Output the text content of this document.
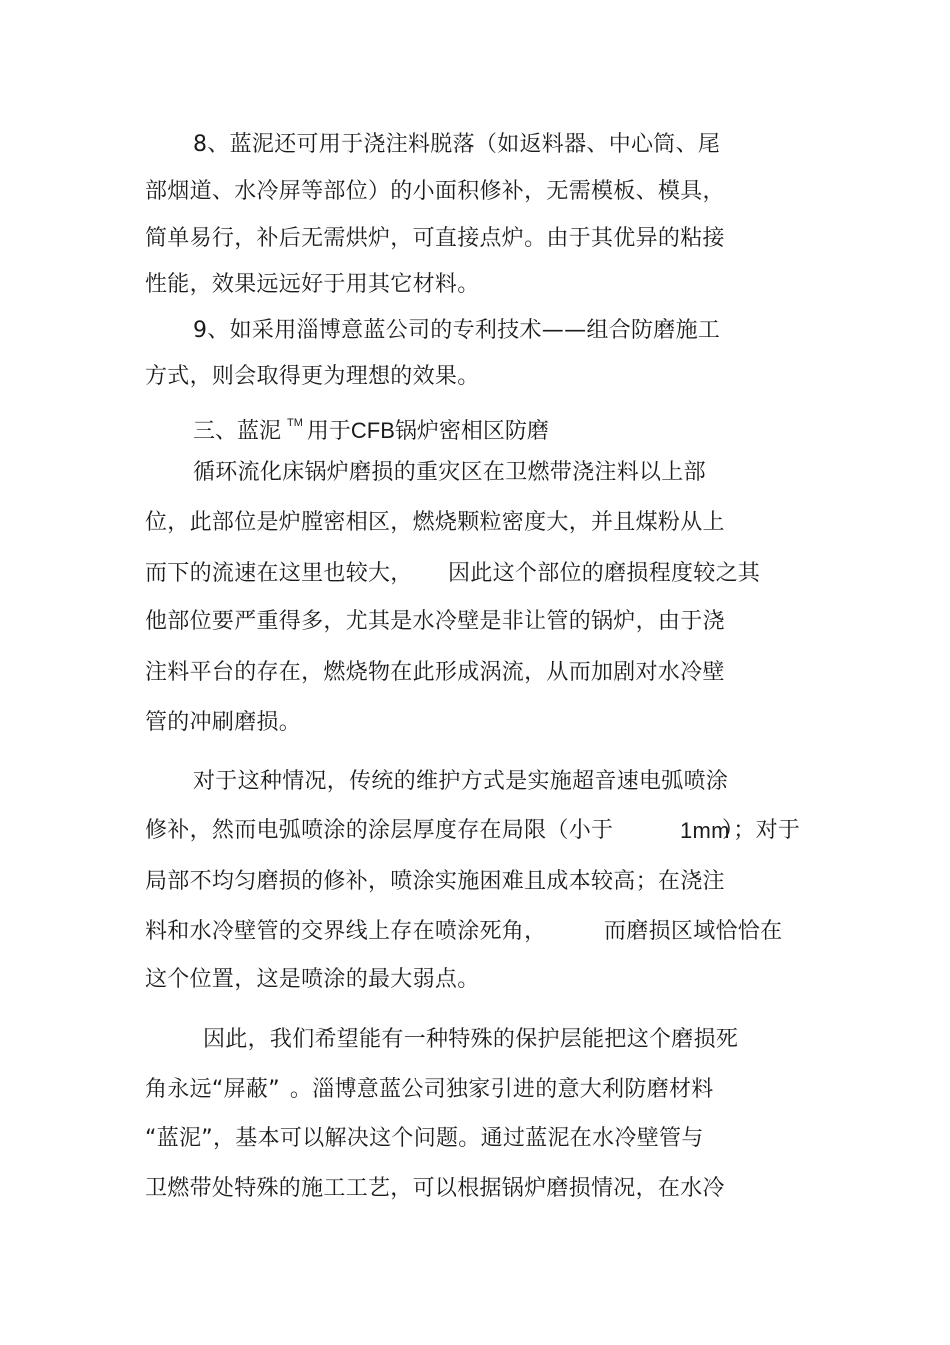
8、蓝泥还可用于浇注料脱落（如返料器、中心筒、尾
部烟道、水冷屏等部位）的小面积修补，无需模板、模具，
简单易行，补后无需烘炉，可直接点炉。由于其优异的粘接
性能，效果远远好于用其它材料。
9、如采用淄博意蓝公司的专利技术——组合防磨施工
方式，则会取得更为理想的效果。
三、蓝泥 ™ 用于CFB锅炉密相区防磨
循环流化床锅炉磨损的重灾区在卫燃带浇注料以上部
位，此部位是炉膛密相区，燃烧颗粒密度大，并且煤粉从上
而下的流速在这里也较大， 因此这个部位的磨损程度较之其
他部位要严重得多，尤其是水冷壁是非让管的锅炉，由于浇
注料平台的存在，燃烧物在此形成涡流，从而加剧对水冷壁
管的冲刷磨损。
对于这种情况，传统的维护方式是实施超音速电弧喷涂
修补，然而电弧喷涂的涂层厚度存在局限（小于	1mm
）；对于
局部不均匀磨损的修补，喷涂实施困难且成本较高；在浇注
料和水冷壁管的交界线上存在喷涂死角，	而磨损区域恰恰在
这个位置，这是喷涂的最大弱点。
因此，我们希望能有一种特殊的保护层能把这个磨损死
角永远“屏蔽” 。淄博意蓝公司独家引进的意大利防磨材料
“蓝泥”，基本可以解决这个问题。通过蓝泥在水冷壁管与
卫燃带处特殊的施工工艺，可以根据锅炉磨损情况，在水冷
